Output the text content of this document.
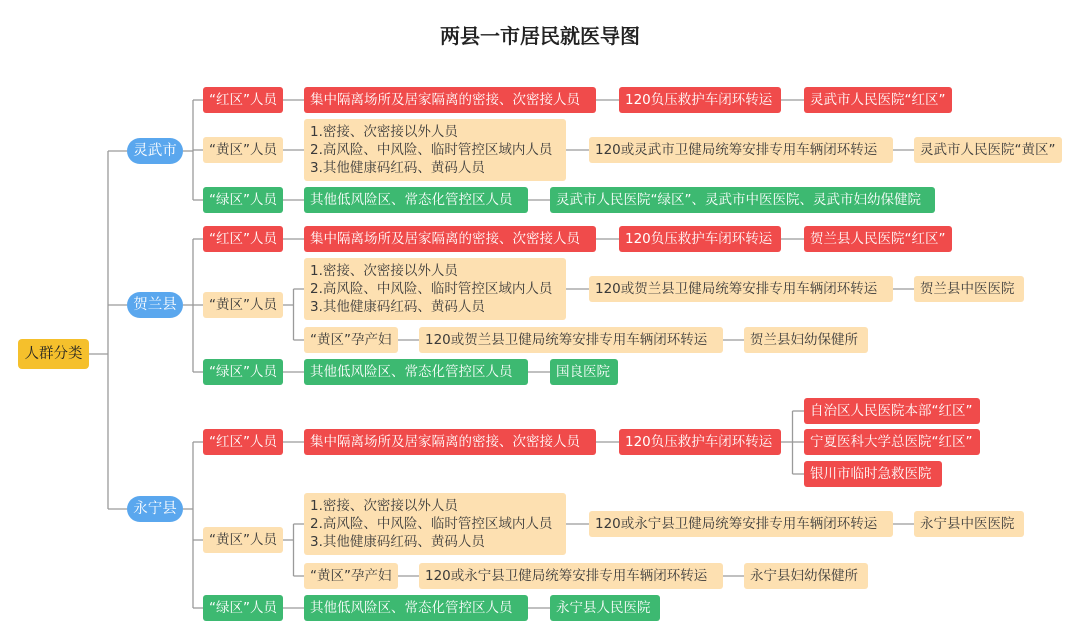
两县一市居民就医导图
人群分类
灵武市
贺兰县
永宁县
“红区”人员 集中隔离场所及居家隔离的密接、次密接人员	120负压救护车闭环转运	灵武市人民医院“红区”
“黄区”人员
1.密接、次密接以外人员
2.高风险、中风险、临时管控区域内人员
3.其他健康码红码、黄码人员
120或灵武市卫健局统筹安排专用车辆闭环转运	灵武市人民医院“黄区”
“绿区”人员 其他低风险区、常态化管控区人员	灵武市人民医院“绿区”、灵武市中医医院、灵武市妇幼保健院
“红区”人员 集中隔离场所及居家隔离的密接、次密接人员	120负压救护车闭环转运	贺兰县人民医院“红区”
“黄区”人员
1.密接、次密接以外人员
2.高风险、中风险、临时管控区域内人员
3.其他健康码红码、黄码人员
120或贺兰县卫健局统筹安排专用车辆闭环转运	贺兰县中医医院
“黄区”孕产妇 120或贺兰县卫健局统筹安排专用车辆闭环转运	贺兰县妇幼保健所
“绿区”人员 其他低风险区、常态化管控区人员	国良医院
“红区”人员 集中隔离场所及居家隔离的密接、次密接人员	120负压救护车闭环转运
自治区人民医院本部“红区”
宁夏医科大学总医院“红区”
银川市临时急救医院
“黄区”人员
1.密接、次密接以外人员
2.高风险、中风险、临时管控区域内人员
3.其他健康码红码、黄码人员
120或永宁县卫健局统筹安排专用车辆闭环转运	永宁县中医医院
“黄区”孕产妇 120或永宁县卫健局统筹安排专用车辆闭环转运	永宁县妇幼保健所
“绿区”人员 其他低风险区、常态化管控区人员	永宁县人民医院
